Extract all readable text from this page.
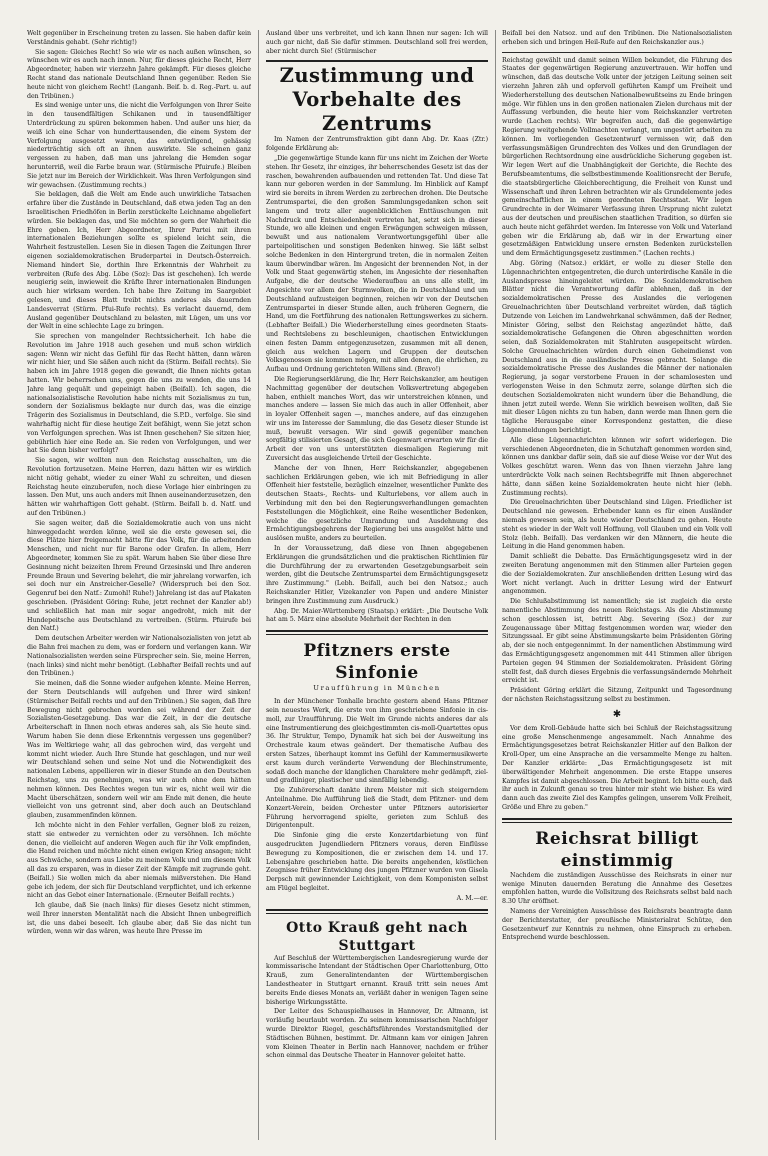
Welt gegenüber in Erscheinung treten zu lassen. Sie haben dafür kein Verständnis gehabt. (Sehr richtig!)

Sie sagen: Gleiches Recht! So wie wir es nach außen wünschen, so wünschen wir es auch nach innen. Nur, für dieses gleiche Recht, Herr Abgeordneter, haben wir vierzehn Jahre gekämpft. Für dieses gleiche Recht stand das nationale Deutschland Ihnen gegenüber. Reden Sie heute nicht von gleichem Recht! (Langanh. Beif. b. d. Reg.-Part. u. auf den Tribünen.)

Es sind wenige unter uns, die nicht die Verfolgungen von Ihrer Seite in den tausendfältigen Schikanen und in tausendfältiger Unterdrückung zu spüren bekommen haben. Und außer uns hier, da weiß ich eine Schar von hunderttausenden, die einem System der Verfolgung ausgesetzt waren, das entwürdigend, gehässig niederträchtig sich oft an ihnen auswirkte. Sie scheinen ganz vergessen zu haben, daß man uns jahrelang die Hemden sogar herunterriß, weil die Farbe braun war. (Stürmische Pfuirufe.) Bleiben Sie jetzt nur im Bereich der Wirklichkeit. Was Ihren Verfolgungen sind wir gewachsen. (Zustimmung rechts.)

Sie beklagen, daß die Welt am Ende auch unwirkliche Tatsachen erfahre über die Zustände in Deutschland, daß etwa jeden Tag an den Israelitischen Friedhöfen in Berlin zerstückelte Leichname abgeliefert würden. Sie beklagen das, und Sie möchten so gern der Wahrheit die Ehre geben. Ich, Herr Abgeordneter, Ihrer Partei mit ihren internationalen Beziehungen sollte es spielend leicht sein, die Wahrheit festzustellen. Lesen Sie in diesen Tagen die Zeitungen Ihrer eigenen sozialdemokratischen Bruderpartei in Deutsch-Österreich. Niemand hindert Sie, dorthin Ihre Erkenntnis der Wahrheit zu verbreiten (Rufe des Abg. Löbe (Soz): Das ist geschehen). Ich werde neugierig sein, inwieweit die Kräfte Ihrer internationalen Bindungen auch hier wirksam werden. Ich habe Ihre Zeitung im Saargebiet gelesen, und dieses Blatt treibt nichts anderes als dauernden Landesverrat (Stürm. Pfui-Rufe rechts). Es verlacht dauernd, dem Ausland gegenüber Deutschland zu belasten, mit Lügen, um uns vor der Welt in eine schlechte Lage zu bringen.

Sie sprechen von mangelnder Rechtssicherheit. Ich habe die Revolution im Jahre 1918 auch gesehen und muß schon wirklich sagen: Wenn wir nicht das Gefühl für das Recht hätten, dann wären wir nicht hier, und Sie säßen auch nicht da (Stürm. Beifall rechts). Sie haben ich im Jahre 1918 gegen die gewandt, die Ihnen nichts getan hatten. Wir beherrschen uns, gegen die uns zu wenden, die uns 14 Jahre lang gequält und gepeinigt haben (Beifall). Ich sagen, die nationalsozialistische Revolution habe nichts mit Sozialismus zu tun, sondern der Sozialismus beklagte nur durch das, was die einzige Trägerin des Sozialismus in Deutschland, die S.P.D., verfolge. Sie sind wahrhaftig nicht für diese heutige Zeit befähigt, wenn Sie jetzt schon von Verfolgungen sprechen. Was ist Ihnen geschehen? Sie sitzen hier, gebührlich hier eine Rede an. Sie reden von Verfolgungen, und wer hat Sie denn bisher verfolgt?

Sie sagen, wir wollten nun den Reichstag ausschalten, um die Revolution fortzusetzen. Meine Herren, dazu hätten wir es wirklich nicht nötig gehabt, wieder zu einer Wahl zu schreiten, und diesen Reichstag heute einzuberufen, noch diese Vorlage hier einbringen zu lassen. Den Mut, uns auch anders mit Ihnen auseinanderzusetzen, den hätten wir wahrhaftigen Gott gehabt. (Stürm. Beifall b. d. Natf. und auf den Tribünen.)

Sie sagen weiter, daß die Sozialdemokratie auch von uns nicht hinweggedacht werden könne, weil sie die erste gewesen sei, die diese Plätze hier freigemacht hätte für das Volk, für die arbeitenden Menschen, und nicht nur für Barone oder Grafen. In allem, Herr Abgeordneter, kommen Sie zu spät. Warum haben Sie über diese Ihre Gesinnung nicht beizeiten Ihrem Freund Grzesinski und Ihre anderen Freunde Braun und Severing belehrt, die mir jahrelang vorwarfen, ich sei doch nur ein Anstreicher-Geselle? (Widerspruch bei den Soz. Gegenruf bei den Natf.: Zumohl! Ruhe!) Jahrelang ist das auf Plakaten geschrieben. (Präsident Göring: Ruhe, jetzt rechnet der Kanzler ab!) und schließlich hat man mir sogar angedroht, mich mit der Hundepeitsche aus Deutschland zu vertreiben. (Stürm. Pfuirufe bei den Natf.)

Dem deutschen Arbeiter werden wir Nationalsozialisten von jetzt ab die Bahn frei machen zu dem, was er fordern und verlangen kann. Wir Nationalsozialisten werden seine Fürsprecher sein. Sie, meine Herren, (nach links) sind nicht mehr benötigt. (Lebhafter Beifall rechts und auf den Tribünen.)

Sie meinen, daß die Sonne wieder aufgehen könnte. Meine Herren, der Stern Deutschlands will aufgehen und Ihrer wird sinken! (Stürmischer Beifall rechts und auf den Tribünen.) Sie sagen, daß Ihre Bewegung nicht gebrochen worden sei während der Zeit der Sozialisten-Gesetzgebung. Das war die Zeit, in der die deutsche Arbeiterschaft in Ihnen noch etwas anderes sah, als Sie heute sind. Warum haben Sie denn diese Erkenntnis vergessen uns gegenüber? Was im Weltkriege wahr, all das gebrochen wird, das vergeht und kommt nicht wieder. Auch Ihre Stunde hat geschlagen, und nur weil wir Deutschland sehen und seine Not und die Notwendigkeit des nationalen Lebens, appellieren wir in dieser Stunde an den Deutschen Reichstag, uns zu genehmigen, was wir auch ohne dem hätten nehmen können. Des Rechtes wegen tun wir es, nicht weil wir die Macht überschätzen, sondern weil wir am Ende mit denen, die heute vielleicht von uns getrennt sind, aber doch auch an Deutschland glauben, zusammenfinden können.

Ich möchte nicht in den Fehler verfallen, Gegner bloß zu reizen, statt sie entweder zu vernichten oder zu versöhnen. Ich möchte denen, die vielleicht auf anderen Wegen auch für ihr Volk empfinden, die Hand reichen und möchte nicht einen ewigen Krieg ansagen; nicht aus Schwäche, sondern aus Liebe zu meinem Volk und um diesem Volk all das zu ersparen, was in dieser Zeit der Kämpfe mit zugrunde geht. (Beifall.) Sie wollen mich da aber niemals mißverstehen. Die Hand gebe ich jedem, der sich für Deutschland verpflichtet, und ich erkenne nicht an das Gebot einer Internationale. (Erneuter Beifall rechts.)

Ich glaube, daß Sie (nach links) für dieses Gesetz nicht stimmen, weil Ihrer innersten Mentalität nach die Absicht Ihnen unbegreiflich ist, die uns dabei beseelt. Ich glaube aber, daß Sie das nicht tun würden, wenn wir das wären, was heute Ihre Presse im

Ausland über uns verbreitet, und ich kann Ihnen nur sagen: Ich will auch gar nicht, daß Sie dafür stimmen. Deutschland soll frei werden, aber nicht durch Sie! (Stürmischer

Zustimmung und Vorbehalte des Zentrums

Im Namen der Zentrumsfraktion gibt dann Abg. Dr. Kaas (Ztr.) folgende Erklärung ab:

„Die gegenwärtige Stunde kann für uns nicht im Zeichen der Worte stehen. Ihr Gesetz, ihr einziges, ihr beherrschendes Gesetz ist das der raschen, bewahrenden aufbauenden und rettenden Tat. Und diese Tat kann nur geboren werden in der Sammlung. Im Hinblick auf Kampf wird sie bereits in ihrem Werden zu zerbrechen drohen. Die Deutsche Zentrumspartei, die den großen Sammlungsgedanken schon seit langem und trotz aller augenblicklichen Enttäuschungen mit Nachdruck und Entschiedenheit vertreten hat, setzt sich in dieser Stunde, wo alle kleinen und engen Erwägungen schweigen müssen, bewußt und aus nationalem Verantwortungsgefühl über alle parteipolitischen und sonstigen Bedenken hinweg. Sie läßt selbst solche Bedenken in den Hintergrund treten, die in normalen Zeiten kaum überwindbar wären. Im Angesicht der brennenden Not, in der Volk und Staat gegenwärtig stehen, im Angesichte der riesenhaften Aufgabe, die der deutsche Wiederaufbau an uns alle stellt, im Angesichte vor allem der Sturmwolken, die in Deutschland und um Deutschland aufzusteigen beginnen, reichen wir von der Deutschen Zentrumspartei in dieser Stunde allen, auch früheren Gegnern, die Hand, um die Fortführung des nationalen Rettungswerkes zu sichern. (Lebhafter Beifall.) Die Wiederherstellung eines geordneten Staats- und Rechtslebens zu beschleunigen, chaotischen Entwicklungen einen festen Damm entgegenzusetzen, zusammen mit all denen, gleich aus welchen Lagern und Gruppen der deutschen Volksgenossen sie kommen mögen, mit allen denen, die ehrlichen, zu Aufbau und Ordnung gerichteten Willens sind. (Bravo!)

Die Regierungserklärung, die Ihr, Herr Reichskanzler, am heutigen Nachmittag gegenüber der deutschen Volksvertretung abgegeben haben, enthielt manches Wort, das wir unterstreichen können, und manches andere — lassen Sie mich das auch in aller Offenheit, aber in loyaler Offenheit sagen —, manches andere, auf das einzugehen wir uns im Interesse der Sammlung, die das Gesetz dieser Stunde ist muß, bewußt versagen. Wir sind gewiß gegenüber manchen sorgfältig stilisierten Gesagt, die sich Gegenwart erwarten wir für die Arbeit der von uns unterstützten diesmaligen Regierung mit Zuversicht das ausgleichende Urteil der Geschichte.

Manche der von Ihnen, Herr Reichskanzler, abgegebenen sachlichen Erklärungen geben, wie ich mit Befriedigung in aller Offenheit hier feststelle, bezüglich einzelner, wesentlicher Punkte des deutschen Staats-, Rechts- und Kulturlebens, vor allem auch in Verbindung mit den bei den Regierungsverhandlungen gemachten Feststellungen die Möglichkeit, eine Reihe wesentlicher Bedenken, welche die gesetzliche Umrandung und Ausdehnung des Ermächtigungsbegehrens der Regierung bei uns ausgelöst hätte und auslösen mußte, anders zu beurteilen.

In der Voraussetzung, daß diese von Ihnen abgegebenen Erklärungen die grundsätzlichen und die praktischen Richtlinien für die Durchführung der zu erwartenden Gesetzgebungsarbeit sein werden, gibt die Deutsche Zentrumspartei dem Ermächtigungsgesetz ihre Zustimmung." (Lebh. Beifall, auch bei den Natsoz.; auch Reichskanzler Hitler, Vizekanzler von Papen und andere Minister bringen ihre Zustimmung zum Ausdruck.)

Abg. Dr. Maier-Württemberg (Staatsp.) erklärt: „Die Deutsche Volk hat am 5. März eine absolute Mehrheit der Rechten in den

Pfitzners erste Sinfonie
Uraufführung in München

In der Münchener Tonhalle brachte gestern abend Hans Pfitzner sein neuestes Werk, die erste von ihm geschriebene Sinfonie in cis-moll, zur Uraufführung. Die Welt im Grunde nichts anderes dar als eine Instrumentierung des gleichgestimmten cis-moll-Quartettes opus 36. Ihr Struktur, Tempo, Dynamik hat sich bei der Ausweitung ins Orchestrale kaum etwas geändert. Der thematische Aufbau des ersten Satzes, überhaupt kommt ins Gefühl der Kammermusikwerte erst kaum durch veränderte Verwendung der Blechinstrumente, sodaß doch manche der klanglichen Charaktere mehr gedämpft, ziel- und gradliniger, plastischer und sinnfällig lebendig.

Die Zuhörerschaft dankte ihrem Meister mit sich steigerndem Anteilnahme. Die Aufführung ließ die Stadt, dem Pfitzner- und dem Konzert-Verein, beiden Orchester unter Pfitzners autorisierter Führung hervorragend spielte, gerieten zum Schluß des Dirigentenpult.

Die Sinfonie ging die erste Konzertdarbietung von fünf ausgedruckten Jugendliedern Pfitzners voraus, deren Einflüsse Bewegung zu Kompositionen, die er zwischen dem 14. und 17. Lebensjahre geschrieben hatte. Die bereits angehenden, köstlichen Zeugnisse früher Entwicklung des jungen Pfitzner wurden von Gisela Derpsch mit gewinnender Leichtigkeit, von dem Komponisten selbst am Flügel begleitet.

A. M.—er.
Otto Krauß geht nach Stuttgart

Auf Beschluß der Württembergischen Landesregierung wurde der kommissarische Intendant der Städtischen Oper Charlottenburg, Otto Krauß, zum Generalintendanten der Württembergischen Landestheater in Stuttgart ernannt. Krauß tritt sein neues Amt bereits Ende dieses Monats an, verläßt daher in wenigen Tagen seine bisherige Wirkungsstätte.

Der Leiter des Schauspielhauses in Hannover, Dr. Altmann, ist vorläufig beurlaubt worden. Zu seinem kommissarischen Nachfolger wurde Direktor Riegel, geschäftsführendes Vorstandsmitglied der Städtischen Bühnen, bestimmt. Dr. Altmann kam vor einigen Jahren vom Kleinen Theater in Berlin nach Hannover, nachdem er früher schon einmal das Deutsche Theater in Hannover geleitet hatte.

Beifall bei den Natsoz. und auf den Tribünen. Die Nationalsozialisten erheben sich und bringen Heil-Rufe auf den Reichskanzler aus.)

Reichstag gewählt und damit seinen Willen bekundet, die Führung des Staates der gegenwärtigen Regierung anzuvertrauen. Wir hoffen und wünschen, daß das deutsche Volk unter der jetzigen Leitung seinen seit vierzehn Jahren zäh und opfervoll geführten Kampf um Freiheit und Wiederherstellung des deutschen Nationalbewußtseins zu Ende bringen möge. Wir fühlen uns in den großen nationalen Zielen durchaus mit der Auffassung verbunden, die heute hier vom Reichskanzler vertreten wurde (Lachen rechts). Wir begreifen auch, daß die gegenwärtige Regierung weitgehende Vollmachten verlangt, um ungestört arbeiten zu können. Im vorliegenden Gesetzentwurf vermissen wir, daß den verfassungsmäßigen Grundrechten des Volkes und den Grundlagen der bürgerlichen Rechtsordnung eine ausdrückliche Sicherung gegeben ist. Wir legen Wert auf die Unabhängigkeit der Gerichte, die Rechte des Berufsbeamtentums, die selbstbestimmende Koalitionsrecht der Berufe, die staatsbürgerliche Gleichberechtigung, die Freiheit von Kunst und Wissenschaft und ihren Lehren betrachten wir als Grundelemente jedes gemeinschaftlichen in einem geordneten Rechtsstaat. Wir legen Grundrechte in der Weimarer Verfassung ihren Ursprung nicht zuletzt aus der deutschen und preußischen staatlichen Tradition, so dürfen sie auch heute nicht gefährdet werden. Im Interesse von Volk und Vaterland geben wir die Erklärung ab, daß wir in der Erwartung einer gesetzmäßigen Entwicklung unsere ernsten Bedenken zurückstellen und dem Ermächtigungsgesetz zustimmen." (Lachen rechts.)

Abg. Göring (Natsoz.) erklärt, er wolle zu dieser Stelle den Lügennachrichten entgegentreten, die durch unterirdische Kanäle in die Auslandspresse hineingeleitet würden. Die Sozialdemokratischen Blätter nicht die Verantwortung dafür ablehnen, daß in der sozialdemokratischen Presse des Auslandes die verlogenen Greuelnachrichten über Deutschland verbreitet würden, daß täglich Dutzende von Leichen im Landwehrkanal schwämmen, daß der Redner, Minister Göring, selbst den Reichstag angezündet hätte, daß sozialdemokratische Gefangenen die Ohren abgeschnitten worden seien, daß Sozialdemokraten mit Stahlruten ausgepeitscht würden. Solche Greuelnachrichten würden durch einen Geheimdienst von Deutschland aus in die ausländische Presse gebracht. Solange die sozialdemokratische Presse des Auslandes die Männer der nationalen Regierung, ja sogar verstorbene Frauen in der schamlosesten und verlogensten Weise in den Schmutz zerre, solange dürften sich die deutschen Sozialdemokraten nicht wundern über die Behandlung, die ihnen jetzt zuteil werde. Wenn Sie wirklich beweisen wollten, daß Sie mit dieser Lügen nichts zu tun haben, dann werde man Ihnen gern die tägliche Herausgabe einer Korrespondenz gestatten, die diese Lügenmeldungen berichtigt.

Alle diese Lügennachrichten können wir sofort widerlegen. Die verschiedenen Abgeordneten, die in Schutzhaft genommen worden sind, können uns dankbar dafür sein, daß sie auf diese Weise vor der Wut des Volkes geschützt waren. Wenn das von Ihnen vierzehn Jahre lang unterdrückte Volk nach seinen Rechtsbegriffe mit Ihnen abgerechnet hätte, dann säßen keine Sozialdemokraten heute nicht hier (lebh. Zustimmung rechts).

Die Greuelnachrichten über Deutschland sind Lügen. Friedlicher ist Deutschland nie gewesen. Erhebender kann es für einen Ausländer niemals gewesen sein, als heute wieder Deutschland zu gehen. Heute steht es wieder in der Welt voll Hoffnung, voll Glauben und ein Volk voll Stolz (lebh. Beifall). Das verdanken wir den Männern, die heute die Leitung in die Hand genommen haben.

Damit schließt die Debatte. Das Ermächtigungsgesetz wird in der zweiten Beratung angenommen mit den Stimmen aller Parteien gegen die der Sozialdemokraten. Zur anschließenden dritten Lesung wird das Wort nicht verlangt. Auch in dritter Lesung wird der Entwurf angenommen.

Die Schlußabstimmung ist namentlich; sie ist zugleich die erste namentliche Abstimmung des neuen Reichstags. Als die Abstimmung schon geschlossen ist, betritt Abg. Severing (Soz.) der zur Zeugenaussage über Mittag festgenommen worden war, wieder den Sitzungssaal. Er gibt seine Abstimmungskarte beim Präsidenten Göring ab, der sie noch entgegennimmt. In der namentlichen Abstimmung wird das Ermächtigungsgesetz angenommen mit 441 Stimmen aller übrigen Parteien gegen 94 Stimmen der Sozialdemokraten. Präsident Göring stellt fest, daß durch dieses Ergebnis die verfassungsändernde Mehrheit erreicht ist.

Präsident Göring erklärt die Sitzung, Zeitpunkt und Tagesordnung der nächsten Reichstagssitzung selbst zu bestimmen.

✱

Vor dem Kroll-Gebäude hatte sich bei Schluß der Reichstagssitzung eine große Menschenmenge angesammelt. Nach Annahme des Ermächtigungsgesetzes betrat Reichskanzler Hitler auf den Balkon der Kroll-Oper, um eine Ansprache an die versammelte Menge zu halten. Der Kanzler erklärte: „Das Ermächtigungsgesetz ist mit überwältigender Mehrheit angenommen. Die erste Etappe unseres Kampfes ist damit abgeschlossen. Die Arbeit beginnt. Ich bitte euch, daß ihr auch in Zukunft genau so treu hinter mir steht wie bisher. Es wird dann auch das zweite Ziel des Kampfes gelingen, unserem Volk Freiheit, Größe und Ehre zu geben."

Reichsrat billigt einstimmig

Nachdem die zuständigen Ausschüsse des Reichsrats in einer nur wenige Minuten dauernden Beratung die Annahme des Gesetzes empfohlen hatten, wurde die Vollsitzung des Reichsrats selbst bald nach 8.30 Uhr eröffnet.

Namens der Vereinigten Ausschüsse des Reichsrats beantragte dann der Berichterstatter, der preußische Ministerialrat Schütze, den Gesetzentwurf zur Kenntnis zu nehmen, ohne Einspruch zu erheben. Entsprechend wurde beschlossen.
